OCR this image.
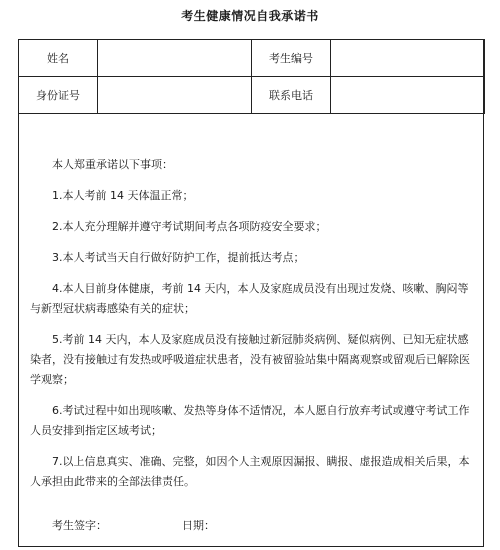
考生健康情况自我承诺书
姓名		考生编号	
身份证号		联系电话	

本人郑重承诺以下事项：

1.本人考前 14 天体温正常；

2.本人充分理解并遵守考试期间考点各项防疫安全要求；

3.本人考试当天自行做好防护工作，提前抵达考点；

4.本人目前身体健康，考前 14 天内，本人及家庭成员没有出现过发烧、咳嗽、胸闷等与新型冠状病毒感染有关的症状；

5.考前 14 天内，本人及家庭成员没有接触过新冠肺炎病例、疑似病例、已知无症状感染者，没有接触过有发热或呼吸道症状患者，没有被留验站集中隔离观察或留观后已解除医学观察；

6.考试过程中如出现咳嗽、发热等身体不适情况，本人愿自行放弃考试或遵守考试工作人员安排到指定区域考试；

7.以上信息真实、准确、完整，如因个人主观原因漏报、瞒报、虚报造成相关后果，本人承担由此带来的全部法律责任。

考生签字：	日期：
